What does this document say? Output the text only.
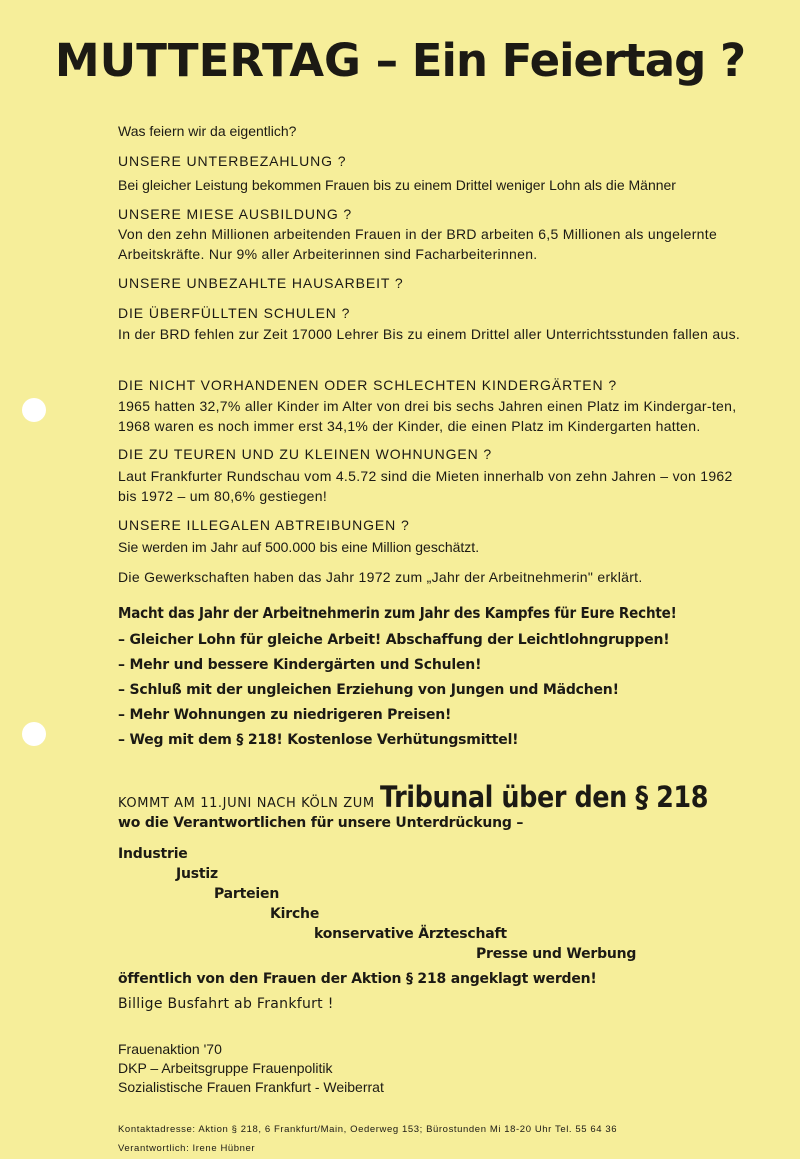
MUTTERTAG – Ein Feiertag ?
Was feiern wir da eigentlich?
UNSERE UNTERBEZAHLUNG ?
Bei gleicher Leistung bekommen Frauen bis zu einem Drittel weniger Lohn als die Männer
UNSERE MIESE AUSBILDUNG ?
Von den zehn Millionen arbeitenden Frauen in der BRD arbeiten 6,5 Millionen als ungelernte Arbeitskräfte. Nur 9% aller Arbeiterinnen sind Facharbeiterinnen.
UNSERE UNBEZAHLTE HAUSARBEIT ?
DIE ÜBERFÜLLTEN SCHULEN ?
In der BRD fehlen zur Zeit 17000 Lehrer Bis zu einem Drittel aller Unterrichtsstunden fallen aus.
DIE NICHT VORHANDENEN ODER SCHLECHTEN KINDERGÄRTEN ?
1965 hatten 32,7% aller Kinder im Alter von drei bis sechs Jahren einen Platz im Kindergar-ten, 1968 waren es noch immer erst 34,1% der Kinder, die einen Platz im Kindergarten hatten.
DIE ZU TEUREN UND ZU KLEINEN WOHNUNGEN ?
Laut Frankfurter Rundschau vom 4.5.72 sind die Mieten innerhalb von zehn Jahren – von 1962 bis 1972 – um 80,6% gestiegen!
UNSERE ILLEGALEN ABTREIBUNGEN ?
Sie werden im Jahr auf 500.000 bis eine Million geschätzt.
Die Gewerkschaften haben das Jahr 1972 zum „Jahr der Arbeitnehmerin" erklärt.
Macht das Jahr der Arbeitnehmerin zum Jahr des Kampfes für Eure Rechte!
– Gleicher Lohn für gleiche Arbeit! Abschaffung der Leichtlohngruppen!
– Mehr und bessere Kindergärten und Schulen!
– Schluß mit der ungleichen Erziehung von Jungen und Mädchen!
– Mehr Wohnungen zu niedrigeren Preisen!
– Weg mit dem § 218! Kostenlose Verhütungsmittel!
KOMMT AM 11.JUNI NACH KÖLN ZUM Tribunal über den § 218
wo die Verantwortlichen für unsere Unterdrückung –
Industrie
Justiz
Parteien
Kirche
konservative Ärzteschaft
Presse und Werbung
öffentlich von den Frauen der Aktion § 218 angeklagt werden!
Billige Busfahrt ab Frankfurt !
Frauenaktion '70
DKP – Arbeitsgruppe Frauenpolitik
Sozialistische Frauen Frankfurt - Weiberrat
Kontaktadresse: Aktion § 218, 6 Frankfurt/Main, Oederweg 153; Bürostunden Mi 18-20 Uhr Tel. 55 64 36
Verantwortlich: Irene Hübner
